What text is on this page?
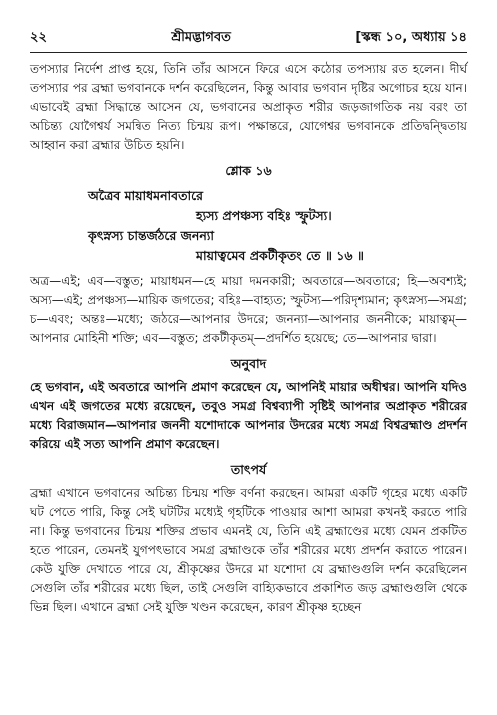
২২	শ্রীমদ্ভাগবত	[স্কন্ধ ১০, অধ্যায় ১৪

তপস্যার নির্দেশ প্রাপ্ত হয়ে, তিনি তাঁর আসনে ফিরে এসে কঠোর তপস্যায় রত হলেন। দীর্ঘ তপস্যার পর ব্রহ্মা ভগবানকে দর্শন করেছিলেন, কিন্তু আবার ভগবান দৃষ্টির অগোচর হয়ে যান। এভাবেই ব্রহ্মা সিদ্ধান্তে আসেন যে, ভগবানের অপ্রাকৃত শরীর জড়জাগতিক নয় বরং তা অচিন্ত্য যোগৈশ্বর্য সমন্বিত নিত্য চিন্ময় রূপ। পক্ষান্তরে, যোগেশ্বর ভগবানকে প্রতিদ্বন্দ্বিতায় আহ্বান করা ব্রহ্মার উচিত হয়নি।

শ্লোক ১৬
অত্রৈব মায়াধমনাবতারে
হ্যস্য প্রপঞ্চস্য বহিঃ স্ফুটস্য।
কৃৎস্নস্য চান্তর্জঠরে জনন্যা
মায়াত্বমেব প্রকটীকৃতং তে ॥ ১৬ ॥

অত্র—এই; এব—বস্তুত; মায়াধমন—হে মায়া দমনকারী; অবতারে—অবতারে; হি—অবশ্যই; অস্য—এই; প্রপঞ্চস্য—মায়িক জগতের; বহিঃ—বাহ্যত; স্ফুটস্য—পরিদৃশ্যমান; কৃৎস্নস্য—সমগ্র; চ—এবং; অন্তঃ—মধ্যে; জঠরে—আপনার উদরে; জনন্যা—আপনার জননীকে; মায়াত্বম্—আপনার মোহিনী শক্তি; এব—বস্তুত; প্রকটীকৃতম্—প্রদর্শিত হয়েছে; তে—আপনার দ্বারা।

অনুবাদ

হে ভগবান, এই অবতারে আপনি প্রমাণ করেছেন যে, আপনিই মায়ার অধীশ্বর। আপনি যদিও এখন এই জগতের মধ্যে রয়েছেন, তবুও সমগ্র বিশ্বব্যাপী সৃষ্টিই আপনার অপ্রাকৃত শরীরের মধ্যে বিরাজমান—আপনার জননী যশোদাকে আপনার উদরের মধ্যে সমগ্র বিশ্বব্রহ্মাণ্ড প্রদর্শন করিয়ে এই সত্য আপনি প্রমাণ করেছেন।

তাৎপর্য

ব্রহ্মা এখানে ভগবানের অচিন্ত্য চিন্ময় শক্তি বর্ণনা করছেন। আমরা একটি গৃহের মধ্যে একটি ঘট পেতে পারি, কিন্তু সেই ঘটটির মধ্যেই গৃহটিকে পাওয়ার আশা আমরা কখনই করতে পারি না। কিন্তু ভগবানের চিন্ময় শক্তির প্রভাব এমনই যে, তিনি এই ব্রহ্মাণ্ডের মধ্যে যেমন প্রকটিত হতে পারেন, তেমনই যুগপৎভাবে সমগ্র ব্রহ্মাণ্ডকে তাঁর শরীরের মধ্যে প্রদর্শন করাতে পারেন। কেউ যুক্তি দেখাতে পারে যে, শ্রীকৃষ্ণের উদরে মা যশোদা যে ব্রহ্মাণ্ডগুলি দর্শন করেছিলেন সেগুলি তাঁর শরীরের মধ্যে ছিল, তাই সেগুলি বাহ্যিকভাবে প্রকাশিত জড় ব্রহ্মাণ্ডগুলি থেকে ভিন্ন ছিল। এখানে ব্রহ্মা সেই যুক্তি খণ্ডন করেছেন, কারণ শ্রীকৃষ্ণ হচ্ছেন
